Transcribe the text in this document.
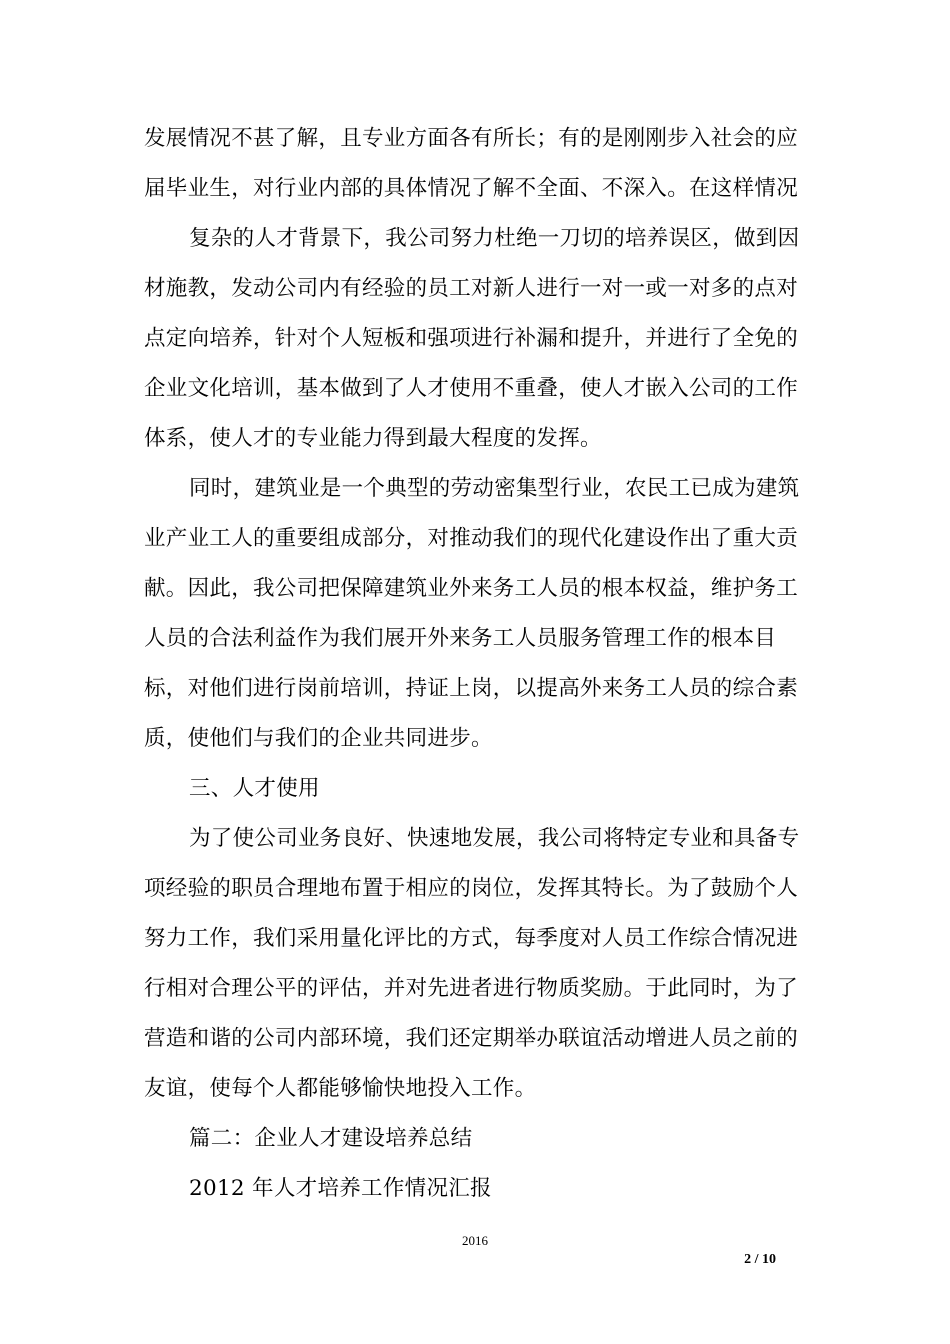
发展情况不甚了解，且专业方面各有所长；有的是刚刚步入社会的应
届毕业生，对行业内部的具体情况了解不全面、不深入。在这样情况
复杂的人才背景下，我公司努力杜绝一刀切的培养误区，做到因
材施教，发动公司内有经验的员工对新人进行一对一或一对多的点对
点定向培养，针对个人短板和强项进行补漏和提升，并进行了全免的
企业文化培训，基本做到了人才使用不重叠，使人才嵌入公司的工作
体系，使人才的专业能力得到最大程度的发挥。
同时，建筑业是一个典型的劳动密集型行业，农民工已成为建筑
业产业工人的重要组成部分，对推动我们的现代化建设作出了重大贡
献。因此，我公司把保障建筑业外来务工人员的根本权益，维护务工
人员的合法利益作为我们展开外来务工人员服务管理工作的根本目
标，对他们进行岗前培训，持证上岗，以提高外来务工人员的综合素
质，使他们与我们的企业共同进步。
三、人才使用
为了使公司业务良好、快速地发展，我公司将特定专业和具备专
项经验的职员合理地布置于相应的岗位，发挥其特长。为了鼓励个人
努力工作，我们采用量化评比的方式，每季度对人员工作综合情况进
行相对合理公平的评估，并对先进者进行物质奖励。于此同时，为了
营造和谐的公司内部环境，我们还定期举办联谊活动增进人员之前的
友谊，使每个人都能够愉快地投入工作。
篇二：企业人才建设培养总结
2012 年人才培养工作情况汇报
2016
2 / 10
